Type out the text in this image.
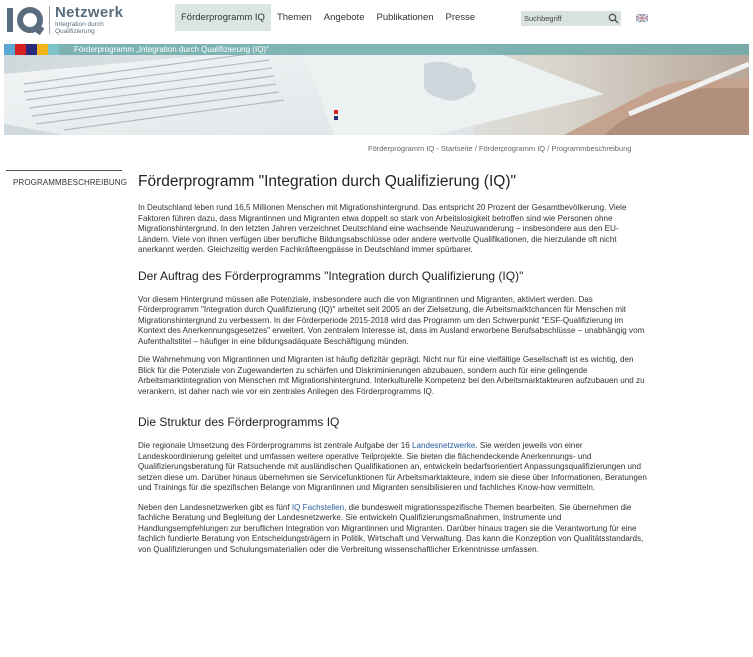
Netzwerk
Integration durch Qualifizierung
Förderprogramm IQ	Themen	Angebote	Publikationen	Presse
Suchbegriff
Förderprogramm „Integration durch Qualifizierung (IQ)“
Förderprogramm IQ - Startseite / Förderprogramm IQ / Programmbeschreibung
PROGRAMMBESCHREIBUNG Förderprogramm "Integration durch Qualifizierung (IQ)"

In Deutschland leben rund 16,5 Millionen Menschen mit Migrationshintergrund. Das entspricht 20 Prozent der Gesamtbevölkerung. Viele Faktoren führen dazu, dass Migrantinnen und Migranten etwa doppelt so stark von Arbeitslosigkeit betroffen sind wie Personen ohne Migrationshintergrund. In den letzten Jahren verzeichnet Deutschland eine wachsende Neuzuwanderung – insbesondere aus den EU-Ländern. Viele von ihnen verfügen über berufliche Bildungsabschlüsse oder andere wertvolle Qualifikationen, die hierzulande oft nicht anerkannt werden. Gleichzeitig werden Fachkräfteengpässe in Deutschland immer spürbarer.

Der Auftrag des Förderprogramms "Integration durch Qualifizierung (IQ)"

Vor diesem Hintergrund müssen alle Potenziale, insbesondere auch die von Migrantinnen und Migranten, aktiviert werden. Das Förderprogramm "Integration durch Qualifizierung (IQ)" arbeitet seit 2005 an der Zielsetzung, die Arbeitsmarktchancen für Menschen mit Migrationshintergrund zu verbessern. In der Förderperiode 2015-2018 wird das Programm um den Schwerpunkt "ESF-Qualifizierung im Kontext des Anerkennungsgesetzes" erweitert. Von zentralem Interesse ist, dass im Ausland erworbene Berufsabschlüsse – unabhängig vom Aufenthaltstitel – häufiger in eine bildungsadäquate Beschäftigung münden.

Die Wahrnehmung von Migrantinnen und Migranten ist häufig defizitär geprägt. Nicht nur für eine vielfältige Gesellschaft ist es wichtig, den Blick für die Potenziale von Zugewanderten zu schärfen und Diskriminierungen abzubauen, sondern auch für eine gelingende Arbeitsmarktintegration von Menschen mit Migrationshintergrund. Interkulturelle Kompetenz bei den Arbeitsmarktakteuren aufzubauen und zu verankern, ist daher nach wie vor ein zentrales Anliegen des Förderprogramms IQ.

Die Struktur des Förderprogramms IQ

Die regionale Umsetzung des Förderprogramms ist zentrale Aufgabe der 16 Landesnetzwerke. Sie werden jeweils von einer Landeskoordinierung geleitet und umfassen weitere operative Teilprojekte. Sie bieten die flächendeckende Anerkennungs- und Qualifizierungsberatung für Ratsuchende mit ausländischen Qualifikationen an, entwickeln bedarfsorientiert Anpassungsqualifizierungen und setzen diese um. Darüber hinaus übernehmen sie Servicefunktionen für Arbeitsmarktakteure, indem sie diese über Informationen, Beratungen und Trainings für die spezifischen Belange von Migrantinnen und Migranten sensibilisieren und fachliches Know-how vermitteln.

Neben den Landesnetzwerken gibt es fünf IQ Fachstellen, die bundesweit migrationsspezifische Themen bearbeiten. Sie übernehmen die fachliche Beratung und Begleitung der Landesnetzwerke. Sie entwickeln Qualifizierungsmaßnahmen, Instrumente und Handlungsempfehlungen zur beruflichen Integration von Migrantinnen und Migranten. Darüber hinaus tragen sie die Verantwortung für eine fachlich fundierte Beratung von Entscheidungsträgern in Politik, Wirtschaft und Verwaltung. Das kann die Konzeption von Qualitätsstandards, von Qualifizierungen und Schulungsmaterialien oder die Verbreitung wissenschaftlicher Erkenntnisse umfassen.
